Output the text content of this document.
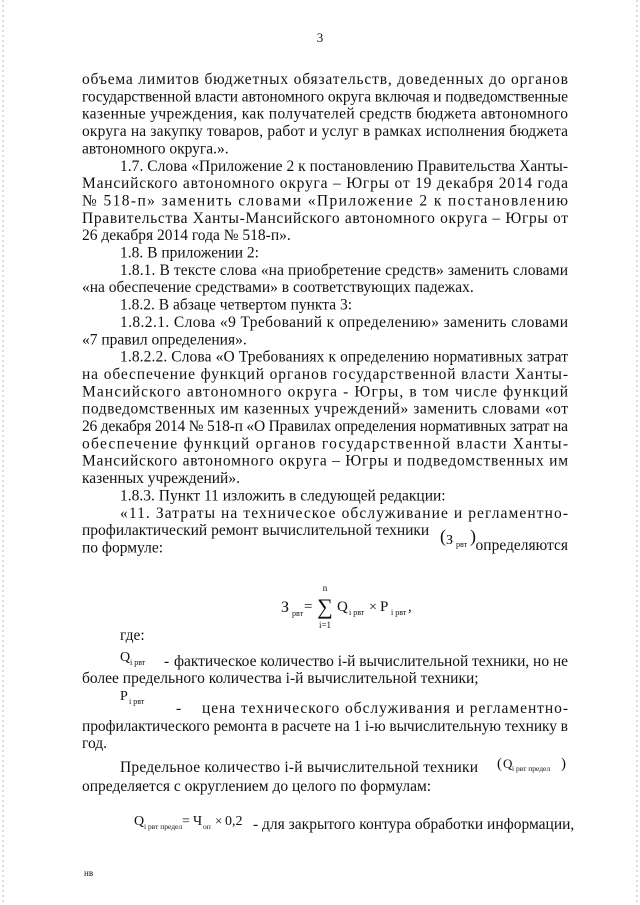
3
объема лимитов бюджетных обязательств, доведенных до органов
государственной власти автономного округа включая и подведомственные
казенные учреждения, как получателей средств бюджета автономного
округа на закупку товаров, работ и услуг в рамках исполнения бюджета
автономного округа.».
1.7. Слова «Приложение 2 к постановлению Правительства Ханты-
Мансийского автономного округа – Югры от 19 декабря 2014 года
№ 518-п» заменить словами «Приложение 2 к постановлению
Правительства Ханты-Мансийского автономного округа – Югры от
26 декабря 2014 года № 518-п».
1.8. В приложении 2:
1.8.1. В тексте слова «на приобретение средств» заменить словами
«на обеспечение средствами» в соответствующих падежах.
1.8.2. В абзаце четвертом пункта 3:
1.8.2.1. Слова «9 Требований к определению» заменить словами
«7 правил определения».
1.8.2.2. Слова «О Требованиях к определению нормативных затрат
на обеспечение функций органов государственной власти Ханты-
Мансийского автономного округа - Югры, в том числе функций
подведомственных им казенных учреждений» заменить словами «от
26 декабря 2014 № 518-п «О Правилах определения нормативных затрат на
обеспечение функций органов государственной власти Ханты-
Мансийского автономного округа – Югры и подведомственных им
казенных учреждений».
1.8.3. Пункт 11 изложить в следующей редакции:
«11. Затраты на техническое обслуживание и регламентно-
профилактический ремонт вычислительной техники
по формуле:
( З рвт ) определяются
З рвт =
n
∑
i=1
Q i рвт × P i рвт ,
где:
Q i рвт - фактическое количество i-й вычислительной техники, но не
более предельного количества i-й вычислительной техники;
P i рвт - цена технического обслуживания и регламентно-
профилактического ремонта в расчете на 1 i-ю вычислительную технику в
год.
Предельное количество i-й вычислительной техники ( Q i рвт предел )
определяется с округлением до целого по формулам:
Q i рвт предел = Ч оп × 0,2 - для закрытого контура обработки информации,
нв
